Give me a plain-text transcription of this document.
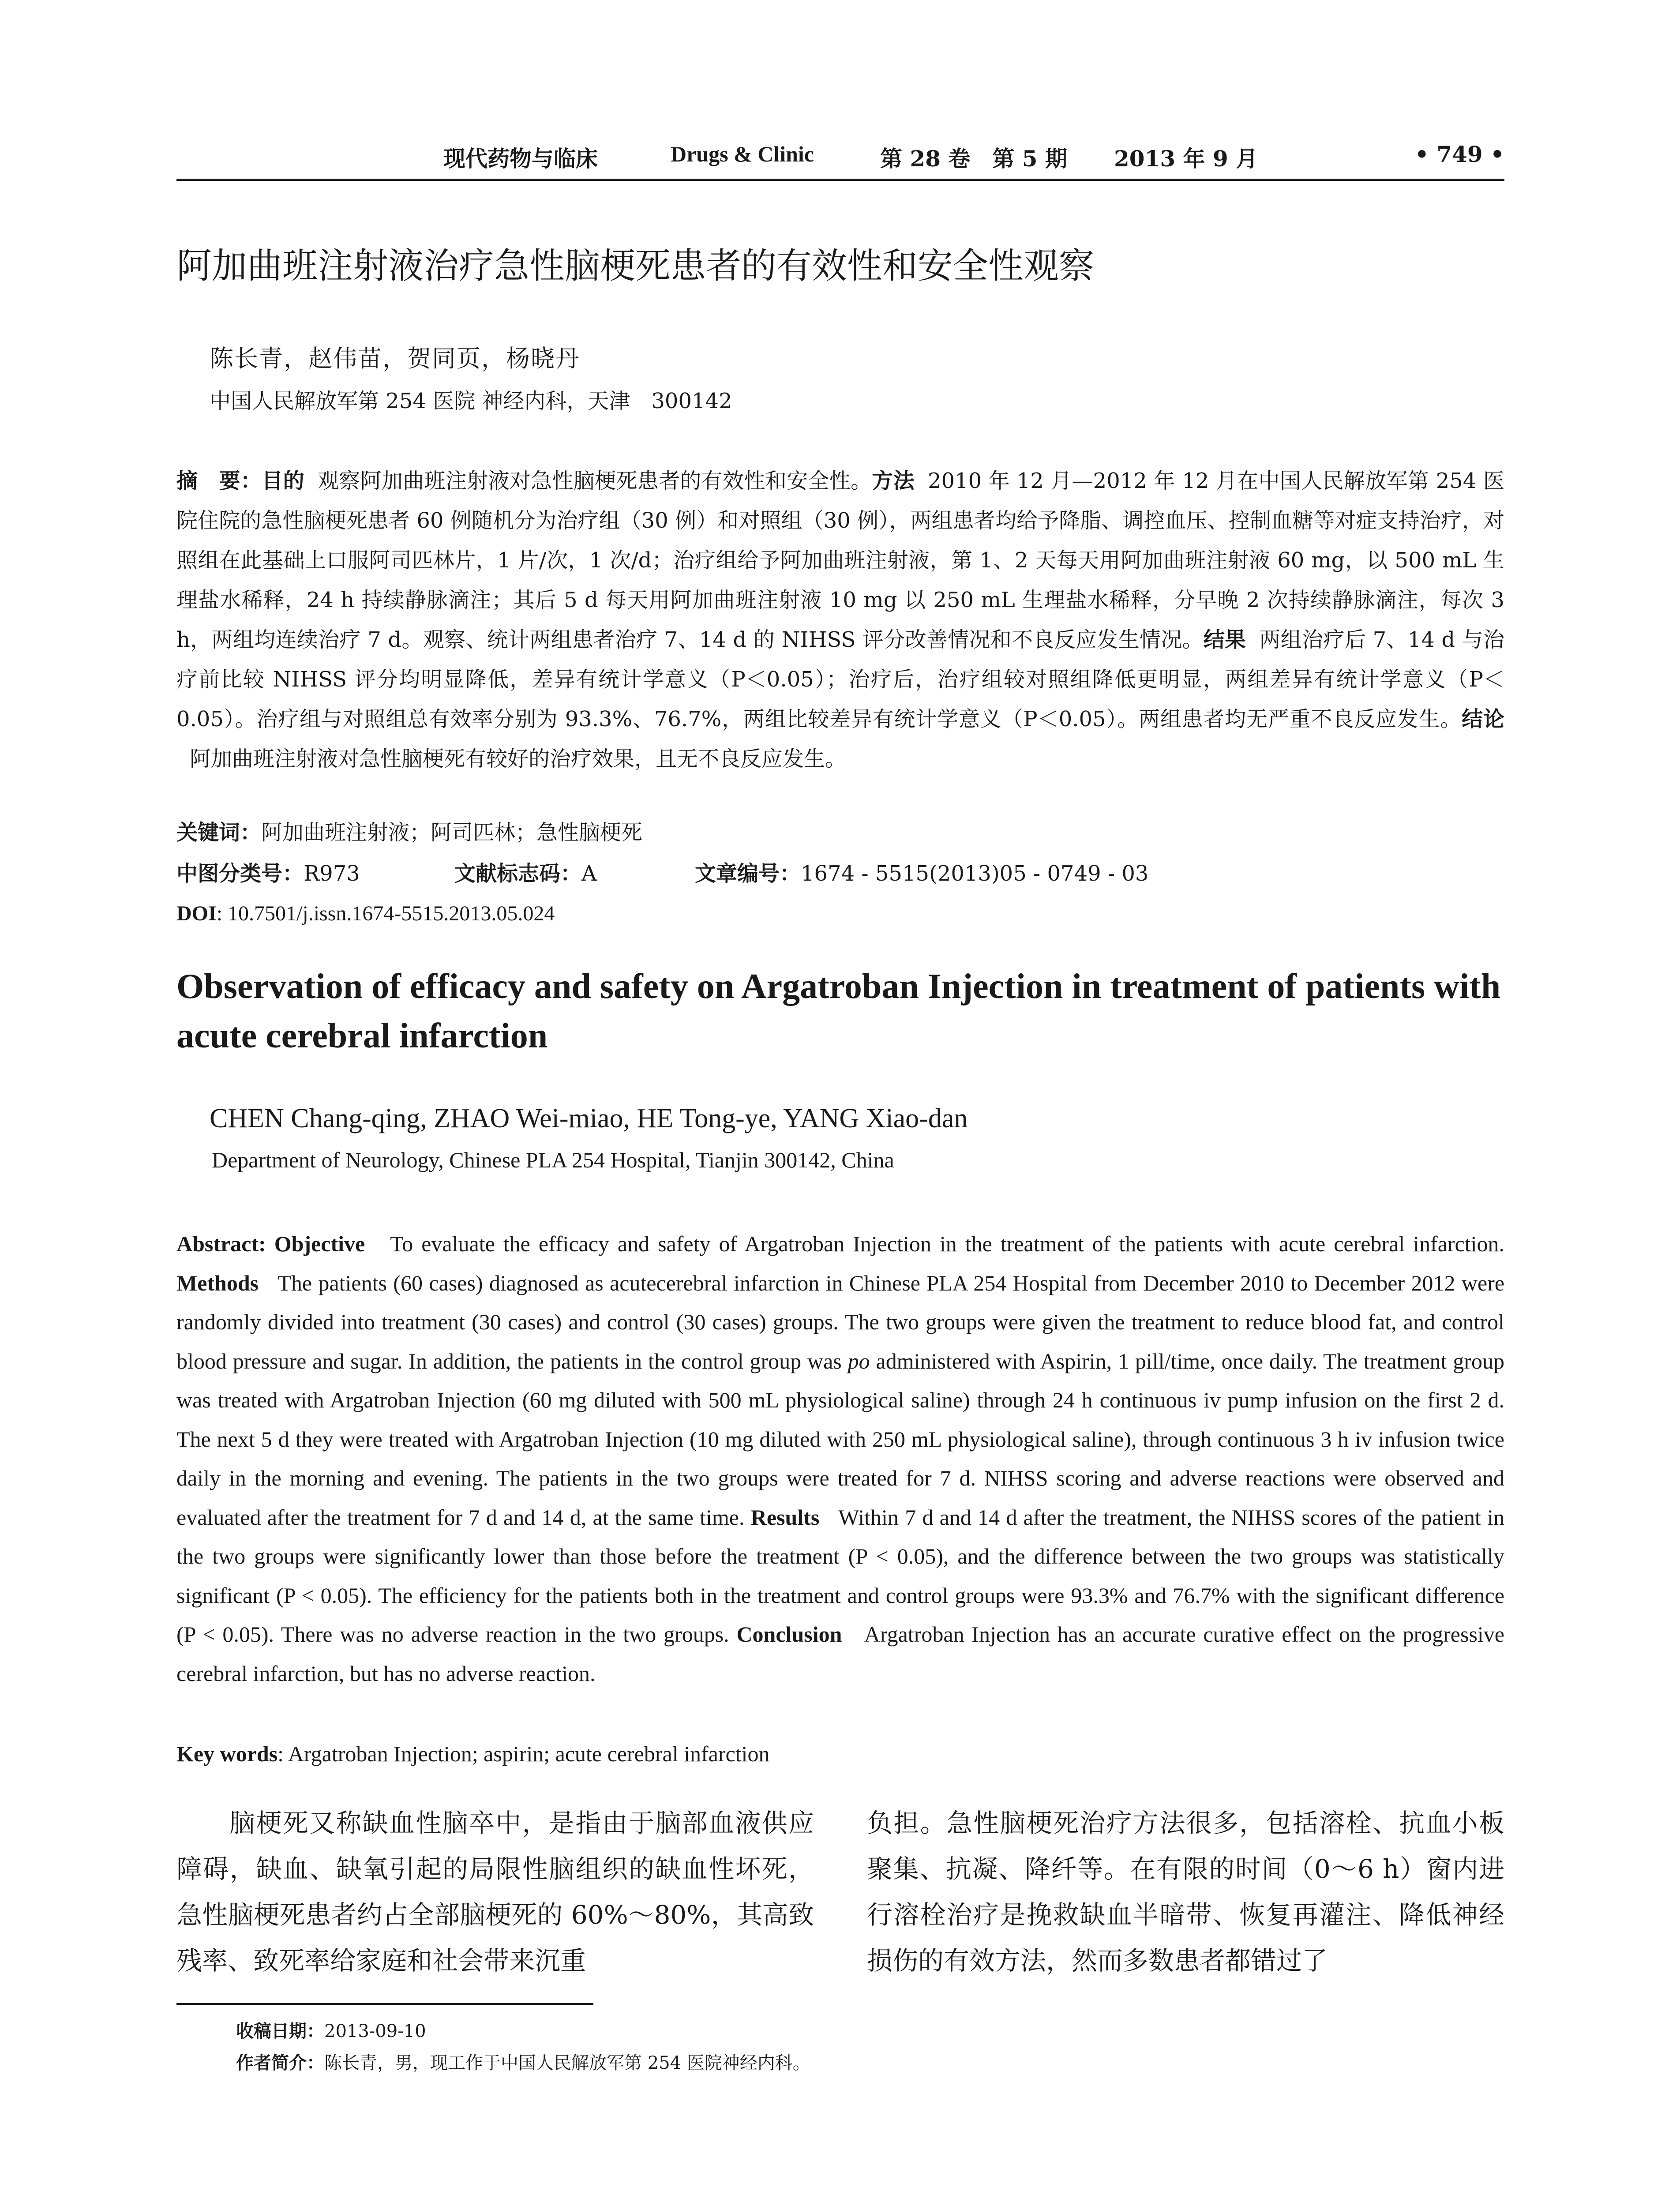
现代药物与临床	Drugs & Clinic	第 28 卷　第 5 期 2013 年 9 月	• 749 •
阿加曲班注射液治疗急性脑梗死患者的有效性和安全性观察
陈长青，赵伟苗，贺同页，杨晓丹
中国人民解放军第 254 医院 神经内科，天津　300142
摘　要：目的 观察阿加曲班注射液对急性脑梗死患者的有效性和安全性。方法 2010 年 12 月—2012 年 12 月在中国人民解放军第 254 医院住院的急性脑梗死患者 60 例随机分为治疗组（30 例）和对照组（30 例），两组患者均给予降脂、调控血压、控制血糖等对症支持治疗，对照组在此基础上口服阿司匹林片，1 片/次，1 次/d；治疗组给予阿加曲班注射液，第 1、2 天每天用阿加曲班注射液 60 mg，以 500 mL 生理盐水稀释，24 h 持续静脉滴注；其后 5 d 每天用阿加曲班注射液 10 mg 以 250 mL 生理盐水稀释，分早晚 2 次持续静脉滴注，每次 3 h，两组均连续治疗 7 d。观察、统计两组患者治疗 7、14 d 的 NIHSS 评分改善情况和不良反应发生情况。结果 两组治疗后 7、14 d 与治疗前比较 NIHSS 评分均明显降低，差异有统计学意义（P＜0.05）；治疗后，治疗组较对照组降低更明显，两组差异有统计学意义（P＜0.05）。治疗组与对照组总有效率分别为 93.3%、76.7%，两组比较差异有统计学意义（P＜0.05）。两组患者均无严重不良反应发生。结论阿加曲班注射液对急性脑梗死有较好的治疗效果，且无不良反应发生。
关键词：阿加曲班注射液；阿司匹林；急性脑梗死
中图分类号：R973	文献标志码：A	文章编号：1674 - 5515(2013)05 - 0749 - 03
DOI: 10.7501/j.issn.1674-5515.2013.05.024
Observation of efficacy and safety on Argatroban Injection in treatment of patients with acute cerebral infarction
CHEN Chang-qing, ZHAO Wei-miao, HE Tong-ye, YANG Xiao-dan
Department of Neurology, Chinese PLA 254 Hospital, Tianjin 300142, China
Abstract: Objective To evaluate the efficacy and safety of Argatroban Injection in the treatment of the patients with acute cerebral infarction. Methods The patients (60 cases) diagnosed as acutecerebral infarction in Chinese PLA 254 Hospital from December 2010 to December 2012 were randomly divided into treatment (30 cases) and control (30 cases) groups. The two groups were given the treatment to reduce blood fat, and control blood pressure and sugar. In addition, the patients in the control group was po administered with Aspirin, 1 pill/time, once daily. The treatment group was treated with Argatroban Injection (60 mg diluted with 500 mL physiological saline) through 24 h continuous iv pump infusion on the first 2 d. The next 5 d they were treated with Argatroban Injection (10 mg diluted with 250 mL physiological saline), through continuous 3 h iv infusion twice daily in the morning and evening. The patients in the two groups were treated for 7 d. NIHSS scoring and adverse reactions were observed and evaluated after the treatment for 7 d and 14 d, at the same time. Results Within 7 d and 14 d after the treatment, the NIHSS scores of the patient in the two groups were significantly lower than those before the treatment (P < 0.05), and the difference between the two groups was statistically significant (P < 0.05). The efficiency for the patients both in the treatment and control groups were 93.3% and 76.7% with the significant difference (P < 0.05). There was no adverse reaction in the two groups. Conclusion Argatroban Injection has an accurate curative effect on the progressive cerebral infarction, but has no adverse reaction.
Key words: Argatroban Injection; aspirin; acute cerebral infarction
脑梗死又称缺血性脑卒中，是指由于脑部血液供应障碍，缺血、缺氧引起的局限性脑组织的缺血性坏死，急性脑梗死患者约占全部脑梗死的 60%～80%，其高致残率、致死率给家庭和社会带来沉重
负担。急性脑梗死治疗方法很多，包括溶栓、抗血小板聚集、抗凝、降纤等。在有限的时间（0～6 h）窗内进行溶栓治疗是挽救缺血半暗带、恢复再灌注、降低神经损伤的有效方法，然而多数患者都错过了
收稿日期：2013-09-10
作者简介：陈长青，男，现工作于中国人民解放军第 254 医院神经内科。
